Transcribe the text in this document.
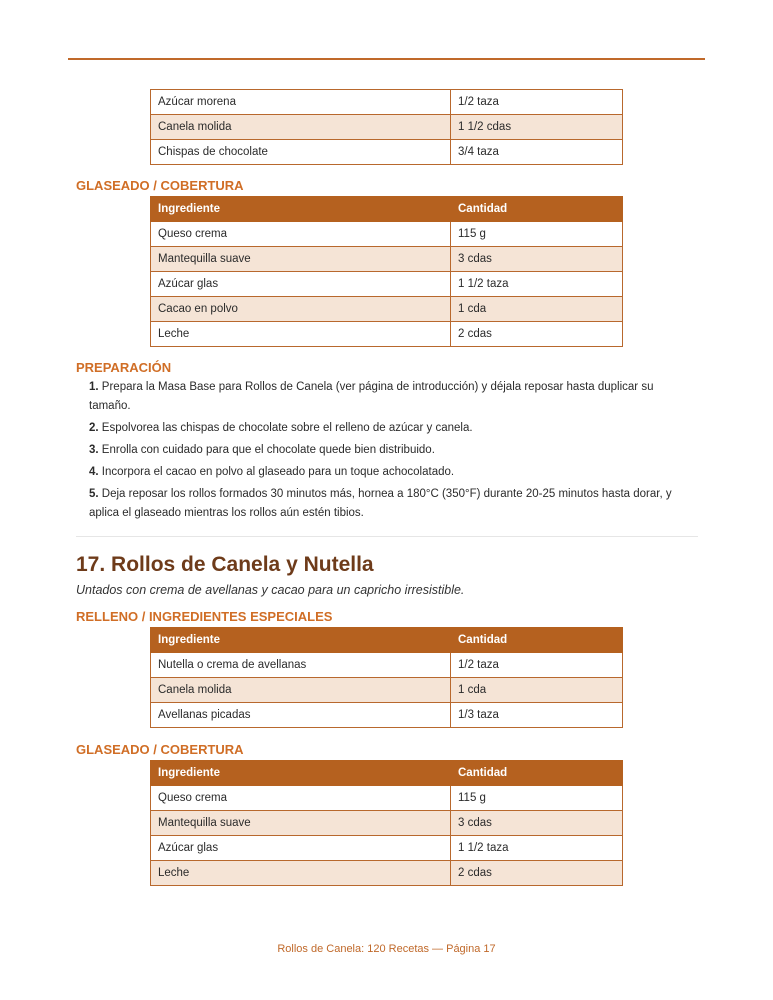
Azúcar morena	1/2 taza
Canela molida	1 1/2 cdas
Chispas de chocolate	3/4 taza
GLASEADO / COBERTURA
Ingrediente	Cantidad
Queso crema	115 g
Mantequilla suave	3 cdas
Azúcar glas	1 1/2 taza
Cacao en polvo	1 cda
Leche	2 cdas
PREPARACIÓN

1. Prepara la Masa Base para Rollos de Canela (ver página de introducción) y déjala reposar hasta duplicar su tamaño.

2. Espolvorea las chispas de chocolate sobre el relleno de azúcar y canela.

3. Enrolla con cuidado para que el chocolate quede bien distribuido.

4. Incorpora el cacao en polvo al glaseado para un toque achocolatado.

5. Deja reposar los rollos formados 30 minutos más, hornea a 180°C (350°F) durante 20-25 minutos hasta dorar, y aplica el glaseado mientras los rollos aún estén tibios.

17. Rollos de Canela y Nutella

Untados con crema de avellanas y cacao para un capricho irresistible.

RELLENO / INGREDIENTES ESPECIALES
Ingrediente	Cantidad
Nutella o crema de avellanas	1/2 taza
Canela molida	1 cda
Avellanas picadas	1/3 taza
GLASEADO / COBERTURA
Ingrediente	Cantidad
Queso crema	115 g
Mantequilla suave	3 cdas
Azúcar glas	1 1/2 taza
Leche	2 cdas
Rollos de Canela: 120 Recetas — Página 17
